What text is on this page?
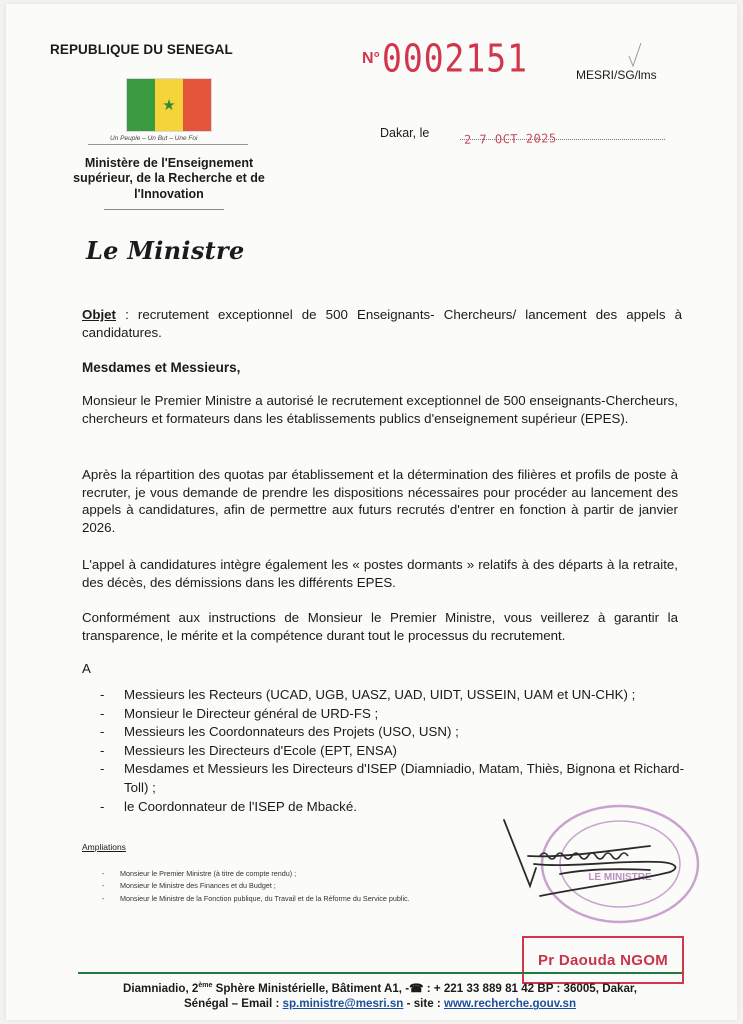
REPUBLIQUE DU SENEGAL
★
Un Peuple – Un But – Une Foi
Ministère de l'Enseignement supérieur, de la Recherche et de l'Innovation
N° 0002151	MESRI/SG/lms
Dakar, le	2 7 OCT 2025
Le Ministre
Objet : recrutement exceptionnel de 500 Enseignants- Chercheurs/ lancement des appels à candidatures.
Mesdames et Messieurs,
Monsieur le Premier Ministre a autorisé le recrutement exceptionnel de 500 enseignants-Chercheurs, chercheurs et formateurs dans les établissements publics d'enseignement supérieur (EPES).
Après la répartition des quotas par établissement et la détermination des filières et profils de poste à recruter, je vous demande de prendre les dispositions nécessaires pour procéder au lancement des appels à candidatures, afin de permettre aux futurs recrutés d'entrer en fonction à partir de janvier 2026.
L'appel à candidatures intègre également les « postes dormants » relatifs à des départs à la retraite, des décès, des démissions dans les différents EPES.
Conformément aux instructions de Monsieur le Premier Ministre, vous veillerez à garantir la transparence, le mérite et la compétence durant tout le processus du recrutement.
A
-	Messieurs les Recteurs (UCAD, UGB, UASZ, UAD, UIDT, USSEIN, UAM et UN-CHK) ;
-	Monsieur le Directeur général de URD-FS ;
-	Messieurs les Coordonnateurs des Projets (USO, USN) ;
-	Messieurs les Directeurs d'Ecole (EPT, ENSA)
-	Mesdames et Messieurs les Directeurs d'ISEP (Diamniadio, Matam, Thiès, Bignona et Richard-Toll) ;
-	le Coordonnateur de l'ISEP de Mbacké.
Ampliations
-	Monsieur le Premier Ministre (à titre de compte rendu) ;
-	Monsieur le Ministre des Finances et du Budget ;
-	Monsieur le Ministre de la Fonction publique, du Travail et de la Réforme du Service public.
LE MINISTRE
Pr Daouda NGOM
Diamniadio, 2ème Sphère Ministérielle, Bâtiment A1, -☎ : + 221 33 889 81 42 BP : 36005, Dakar,
Sénégal – Email : sp.ministre@mesri.sn - site : www.recherche.gouv.sn
